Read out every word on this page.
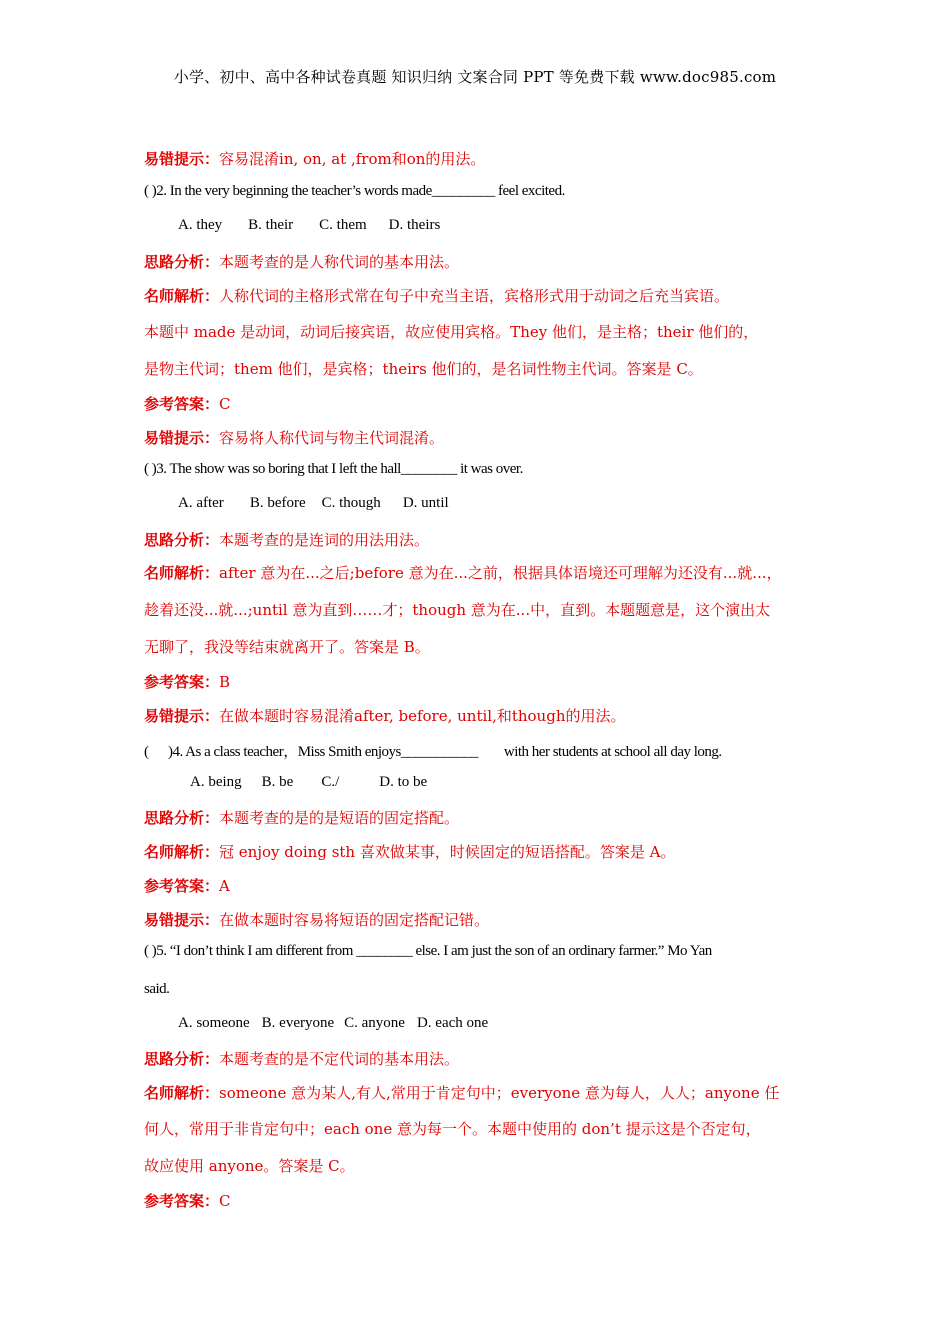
小学、初中、高中各种试卷真题 知识归纳 文案合同 PPT 等免费下载 www.doc985.com
易错提示：容易混淆in, on, at ,from和on的用法。
( )2. In the very beginning the teacher’s words made_________ feel excited.
A. they B. their C. them D. theirs
思路分析：本题考查的是人称代词的基本用法。
名师解析：人称代词的主格形式常在句子中充当主语，宾格形式用于动词之后充当宾语。
本题中 made 是动词，动词后接宾语，故应使用宾格。They 他们，是主格；their 他们的，
是物主代词；them 他们，是宾格；theirs 他们的，是名词性物主代词。答案是 C。
参考答案：C
易错提示：容易将人称代词与物主代词混淆。
( )3. The show was so boring that I left the hall________ it was over.
A. after B. before C. though D. until
思路分析：本题考查的是连词的用法用法。
名师解析：after 意为在...之后;before 意为在...之前，根据具体语境还可理解为还没有...就...，
趁着还没...就...;until 意为直到……才；though 意为在...中，直到。本题题意是，这个演出太
无聊了，我没等结束就离开了。答案是 B。
参考答案：B
易错提示：在做本题时容易混淆after, before, until,和though的用法。
(      )4. As a class teacher，Miss Smith enjoys___________        with her students at school all day long.
A. being B. be C./	D. to be
思路分析：本题考查的是的是短语的固定搭配。
名师解析：冠 enjoy doing sth 喜欢做某事，时候固定的短语搭配。答案是 A。
参考答案：A
易错提示：在做本题时容易将短语的固定搭配记错。
( )5. “I don’t think I am different from ________ else. I am just the son of an ordinary farmer.” Mo Yan
said.
A. someone B. everyone C. anyone D. each one
思路分析：本题考查的是不定代词的基本用法。
名师解析：someone 意为某人,有人,常用于肯定句中；everyone 意为每人，人人；anyone 任
何人，常用于非肯定句中；each one 意为每一个。本题中使用的 don’t 提示这是个否定句，
故应使用 anyone。答案是 C。
参考答案：C
